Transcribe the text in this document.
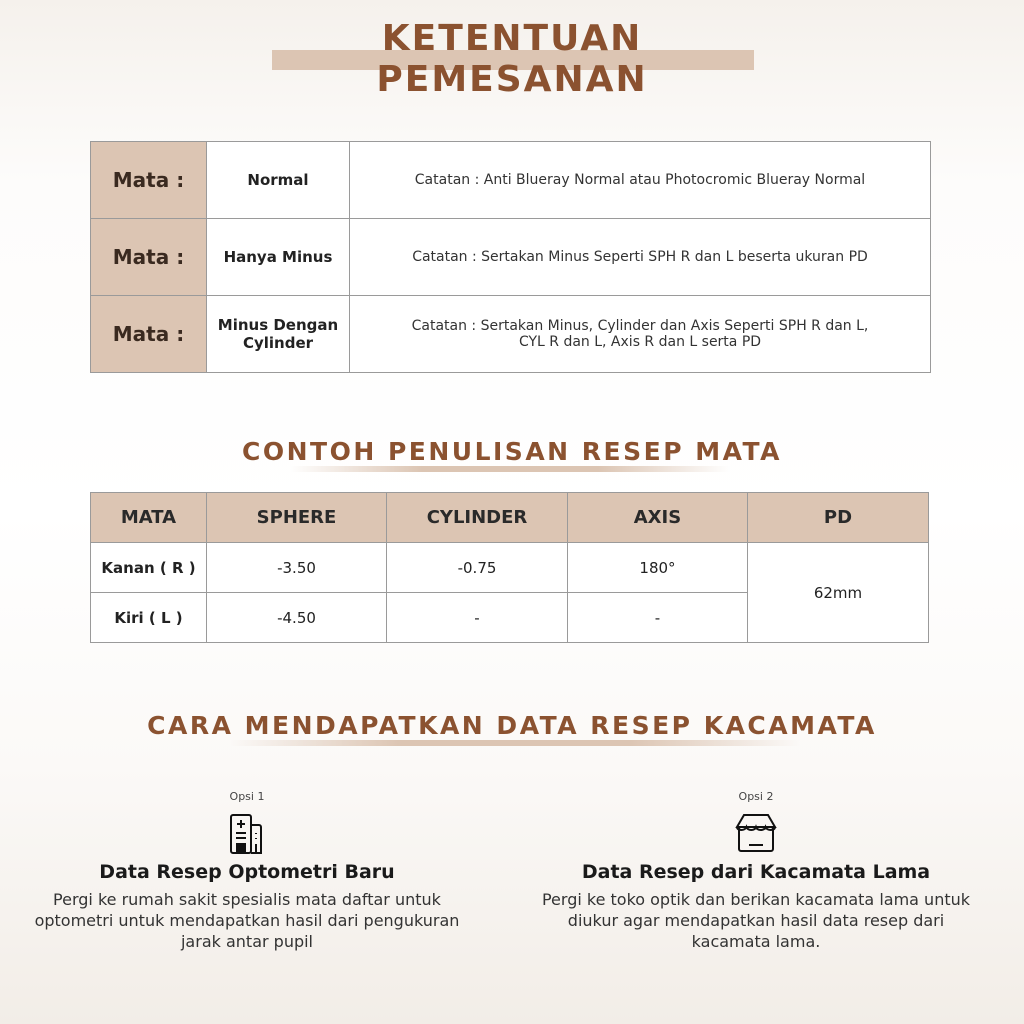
KETENTUAN PEMESANAN
Mata :	Normal	Catatan : Anti Blueray Normal atau Photocromic Blueray Normal
Mata :	Hanya Minus	Catatan : Sertakan Minus Seperti SPH R dan L beserta ukuran PD
Mata :	Minus Dengan Cylinder	Catatan : Sertakan Minus, Cylinder dan Axis Seperti SPH R dan L, CYL R dan L, Axis R dan L serta PD
CONTOH PENULISAN RESEP MATA
MATA	SPHERE	CYLINDER	AXIS	PD
Kanan ( R )	-3.50	-0.75	180°	62mm
Kiri ( L )	-4.50	-	-	
CARA MENDAPATKAN DATA RESEP KACAMATA
Opsi 1
Data Resep Optometri Baru

Pergi ke rumah sakit spesialis mata daftar untuk optometri untuk mendapatkan hasil dari pengukuran jarak antar pupil

Opsi 2
Data Resep dari Kacamata Lama

Pergi ke toko optik dan berikan kacamata lama untuk diukur agar mendapatkan hasil data resep dari kacamata lama.
